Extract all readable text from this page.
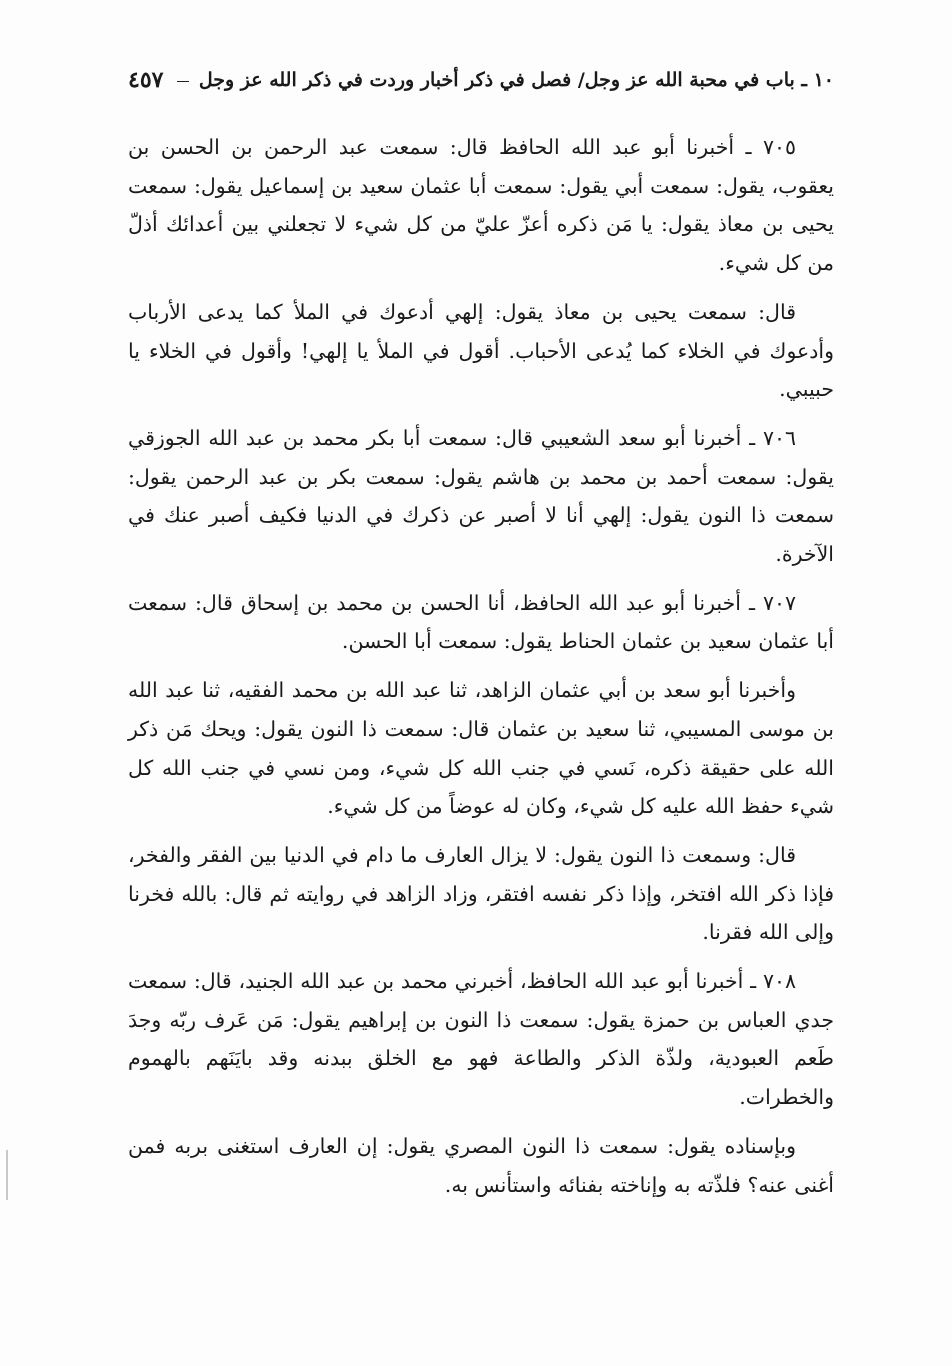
١٠ ـ باب في محبة الله عز وجل/ فصل في ذكر أخبار وردت في ذكر الله عز وجل
٤٥٧

٧٠٥ ـ أخبرنا أبو عبد الله الحافظ قال: سمعت عبد الرحمن بن الحسن بن يعقوب، يقول: سمعت أبي يقول: سمعت أبا عثمان سعيد بن إسماعيل يقول: سمعت يحيى بن معاذ يقول: يا مَن ذكره أعزّ عليّ من كل شيء لا تجعلني بين أعدائك أذلّ من كل شيء.

قال: سمعت يحيى بن معاذ يقول: إلهي أدعوك في الملأ كما يدعى الأرباب وأدعوك في الخلاء كما يُدعى الأحباب. أقول في الملأ يا إلهي! وأقول في الخلاء يا حبيبي.

٧٠٦ ـ أخبرنا أبو سعد الشعيبي قال: سمعت أبا بكر محمد بن عبد الله الجوزقي يقول: سمعت أحمد بن محمد بن هاشم يقول: سمعت بكر بن عبد الرحمن يقول: سمعت ذا النون يقول: إلهي أنا لا أصبر عن ذكرك في الدنيا فكيف أصبر عنك في الآخرة.

٧٠٧ ـ أخبرنا أبو عبد الله الحافظ، أنا الحسن بن محمد بن إسحاق قال: سمعت أبا عثمان سعيد بن عثمان الحناط يقول: سمعت أبا الحسن.

وأخبرنا أبو سعد بن أبي عثمان الزاهد، ثنا عبد الله بن محمد الفقيه، ثنا عبد الله بن موسى المسيبي، ثنا سعيد بن عثمان قال: سمعت ذا النون يقول: ويحك مَن ذكر الله على حقيقة ذكره، نَسي في جنب الله كل شيء، ومن نسي في جنب الله كل شيء حفظ الله عليه كل شيء، وكان له عوضاً من كل شيء.

قال: وسمعت ذا النون يقول: لا يزال العارف ما دام في الدنيا بين الفقر والفخر، فإذا ذكر الله افتخر، وإذا ذكر نفسه افتقر، وزاد الزاهد في روايته ثم قال: بالله فخرنا وإلى الله فقرنا.

٧٠٨ ـ أخبرنا أبو عبد الله الحافظ، أخبرني محمد بن عبد الله الجنيد، قال: سمعت جدي العباس بن حمزة يقول: سمعت ذا النون بن إبراهيم يقول: مَن عَرف ربّه وجدَ طَعم العبودية، ولذّة الذكر والطاعة فهو مع الخلق ببدنه وقد بايَنَهم بالهموم والخطرات.

وبإسناده يقول: سمعت ذا النون المصري يقول: إن العارف استغنى بربه فمن أغنى عنه؟ فلذّته به وإناخته بفنائه واستأنس به.
